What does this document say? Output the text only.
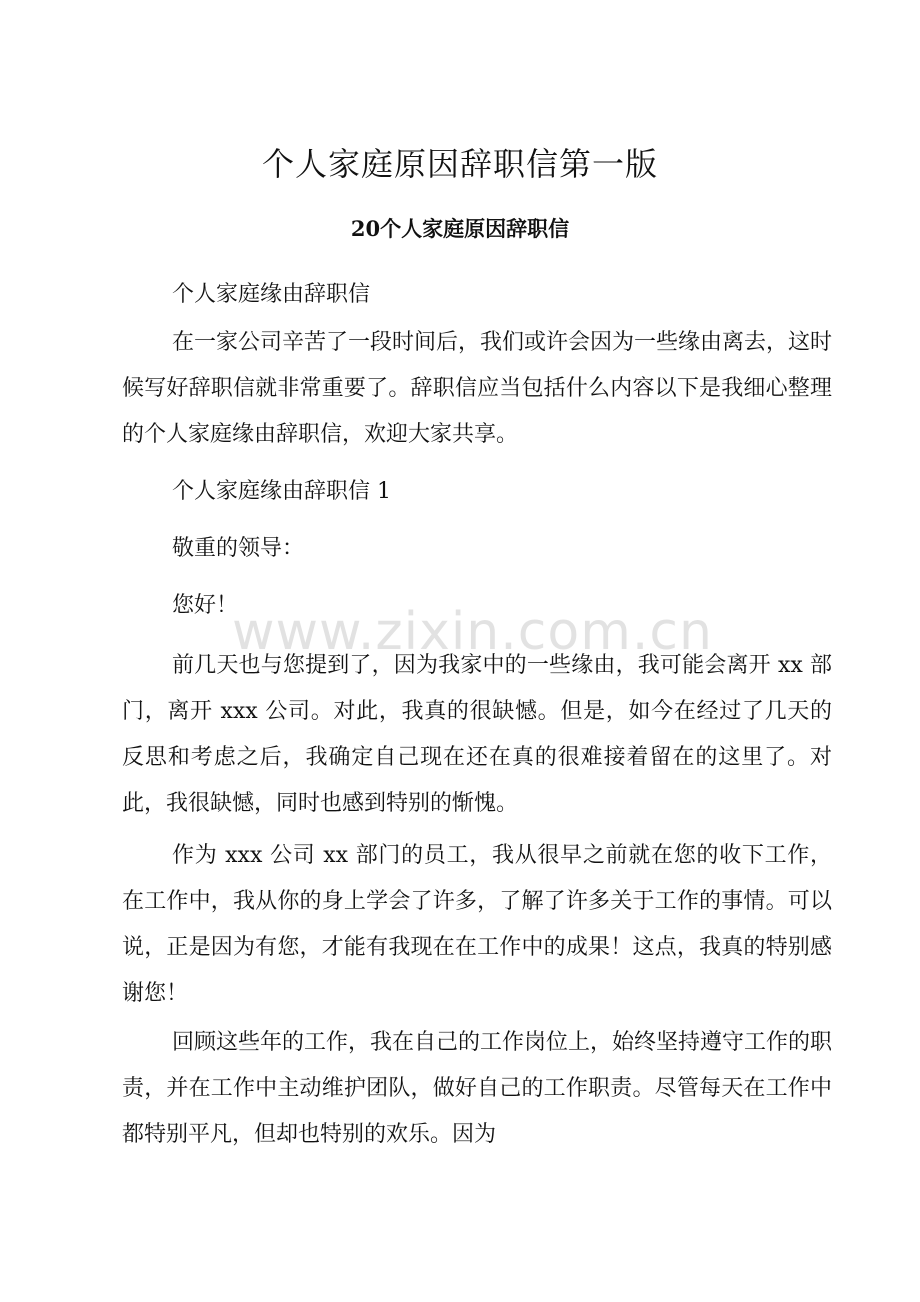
个人家庭原因辞职信第一版
20个人家庭原因辞职信

个人家庭缘由辞职信

在一家公司辛苦了一段时间后，我们或许会因为一些缘由离去，这时候写好辞职信就非常重要了。辞职信应当包括什么内容以下是我细心整理的个人家庭缘由辞职信，欢迎大家共享。

个人家庭缘由辞职信 1

敬重的领导：

您好！

前几天也与您提到了，因为我家中的一些缘由，我可能会离开 xx 部门，离开 xxx 公司。对此，我真的很缺憾。但是，如今在经过了几天的反思和考虑之后，我确定自己现在还在真的很难接着留在的这里了。对此，我很缺憾，同时也感到特别的惭愧。

作为 xxx 公司 xx 部门的员工，我从很早之前就在您的收下工作，在工作中，我从你的身上学会了许多，了解了许多关于工作的事情。可以说，正是因为有您，才能有我现在在工作中的成果！这点，我真的特别感谢您！

回顾这些年的工作，我在自己的工作岗位上，始终坚持遵守工作的职责，并在工作中主动维护团队，做好自己的工作职责。尽管每天在工作中都特别平凡，但却也特别的欢乐。因为

www.zixin.com.cn
